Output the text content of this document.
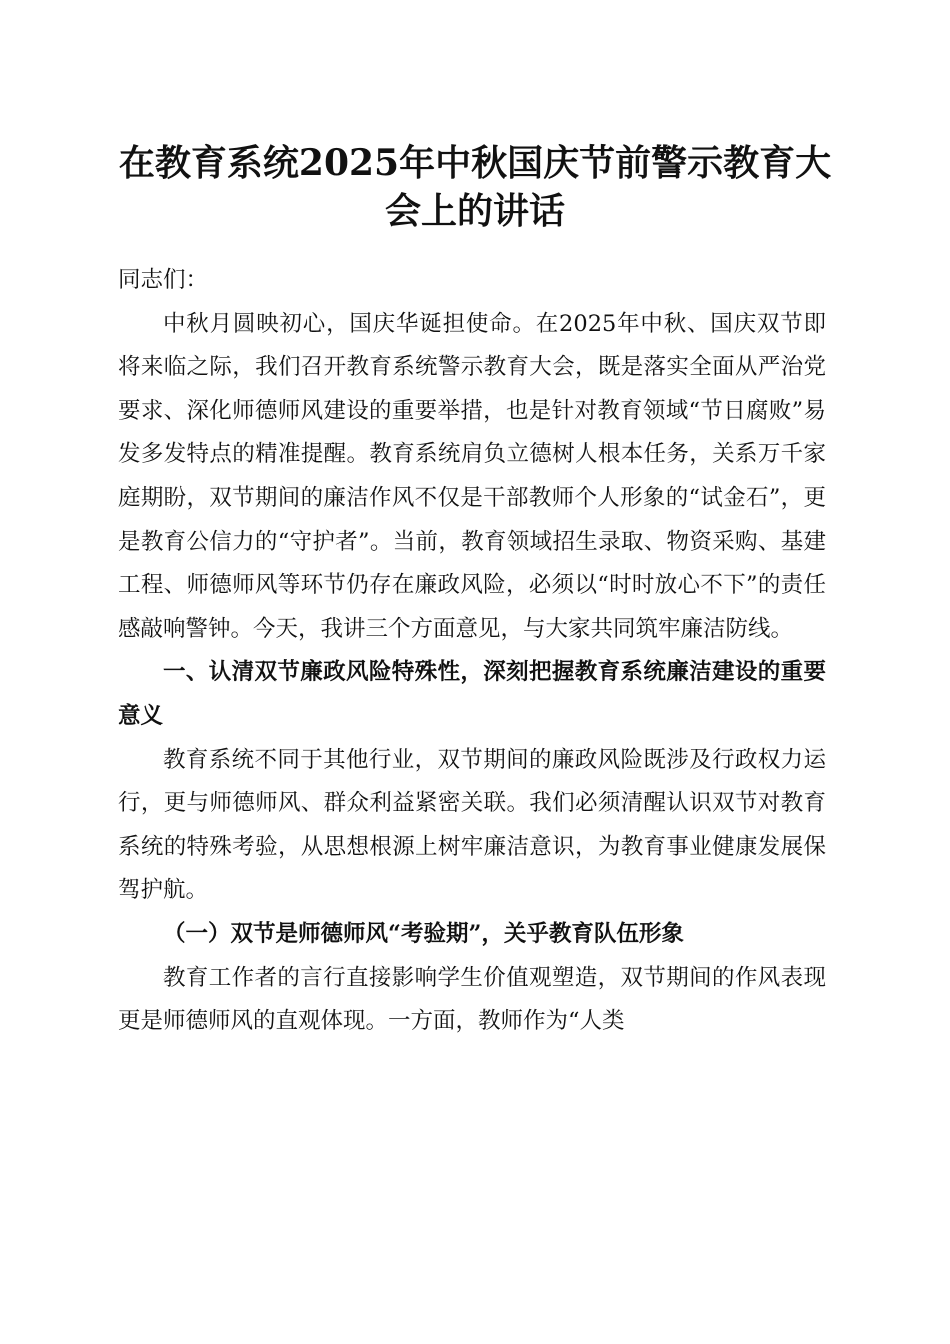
在教育系统2025年中秋国庆节前警示教育大
会上的讲话

同志们：

中秋月圆映初心，国庆华诞担使命。在2025年中秋、国庆双节即将来临之际，我们召开教育系统警示教育大会，既是落实全面从严治党要求、深化师德师风建设的重要举措，也是针对教育领域“节日腐败”易发多发特点的精准提醒。教育系统肩负立德树人根本任务，关系万千家庭期盼，双节期间的廉洁作风不仅是干部教师个人形象的“试金石”，更是教育公信力的“守护者”。当前，教育领域招生录取、物资采购、基建工程、师德师风等环节仍存在廉政风险，必须以“时时放心不下”的责任感敲响警钟。今天，我讲三个方面意见，与大家共同筑牢廉洁防线。

一、认清双节廉政风险特殊性，深刻把握教育系统廉洁建设的重要意义

教育系统不同于其他行业，双节期间的廉政风险既涉及行政权力运行，更与师德师风、群众利益紧密关联。我们必须清醒认识双节对教育系统的特殊考验，从思想根源上树牢廉洁意识，为教育事业健康发展保驾护航。

（一）双节是师德师风“考验期”，关乎教育队伍形象

教育工作者的言行直接影响学生价值观塑造，双节期间的作风表现更是师德师风的直观体现。一方面，教师作为“人类
